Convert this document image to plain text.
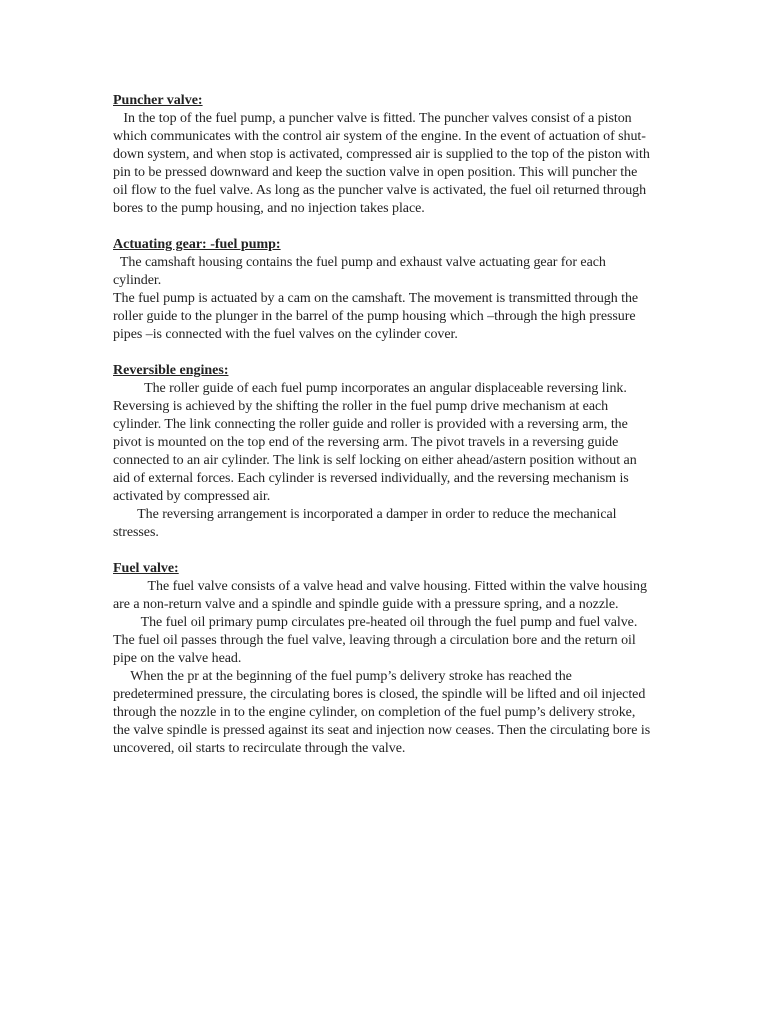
Puncher valve:

In the top of the fuel pump, a puncher valve is fitted. The puncher valves consist of a piston which communicates with the control air system of the engine. In the event of actuation of shut-down system, and when stop is activated, compressed air is supplied to the top of the piston with pin to be pressed downward and keep the suction valve in open position. This will puncher the oil flow to the fuel valve. As long as the puncher valve is activated, the fuel oil returned through bores to the pump housing, and no injection takes place.

Actuating gear: -fuel pump:

The camshaft housing contains the fuel pump and exhaust valve actuating gear for each cylinder.

The fuel pump is actuated by a cam on the camshaft. The movement is transmitted through the roller guide to the plunger in the barrel of the pump housing which –through the high pressure pipes –is connected with the fuel valves on the cylinder cover.

Reversible engines:

The roller guide of each fuel pump incorporates an angular displaceable reversing link. Reversing is achieved by the shifting the roller in the fuel pump drive mechanism at each cylinder. The link connecting the roller guide and roller is provided with a reversing arm, the pivot is mounted on the top end of the reversing arm. The pivot travels in a reversing guide connected to an air cylinder. The link is self locking on either ahead/astern position without an aid of external forces. Each cylinder is reversed individually, and the reversing mechanism is activated by compressed air.

The reversing arrangement is incorporated a damper in order to reduce the mechanical stresses.

Fuel valve:

The fuel valve consists of a valve head and valve housing. Fitted within the valve housing are a non-return valve and a spindle and spindle guide with a pressure spring, and a nozzle.

The fuel oil primary pump circulates pre-heated oil through the fuel pump and fuel valve. The fuel oil passes through the fuel valve, leaving through a circulation bore and the return oil pipe on the valve head.

When the pr at the beginning of the fuel pump’s delivery stroke has reached the predetermined pressure, the circulating bores is closed, the spindle will be lifted and oil injected through the nozzle in to the engine cylinder, on completion of the fuel pump’s delivery stroke, the valve spindle is pressed against its seat and injection now ceases. Then the circulating bore is uncovered, oil starts to recirculate through the valve.
